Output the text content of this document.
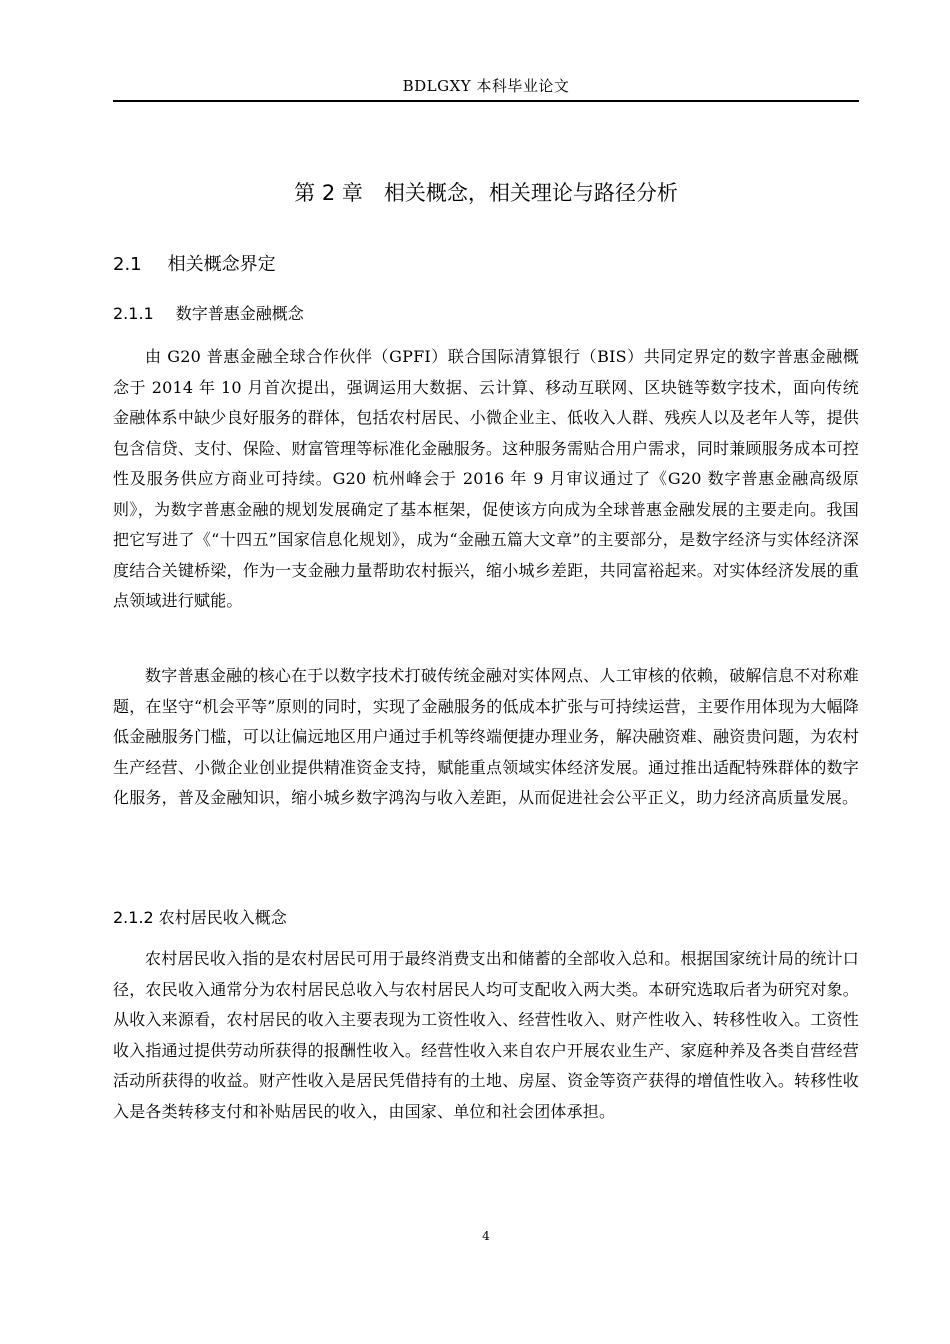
BDLGXY 本科毕业论文
第 2 章　相关概念，相关理论与路径分析
2.1 相关概念界定
2.1.1 数字普惠金融概念

由 G20 普惠金融全球合作伙伴（GPFI）联合国际清算银行（BIS）共同定界定的数字普惠金融概念于 2014 年 10 月首次提出，强调运用大数据、云计算、移动互联网、区块链等数字技术，面向传统金融体系中缺少良好服务的群体，包括农村居民、小微企业主、低收入人群、残疾人以及老年人等，提供包含信贷、支付、保险、财富管理等标准化金融服务。这种服务需贴合用户需求，同时兼顾服务成本可控性及服务供应方商业可持续。G20 杭州峰会于 2016 年 9 月审议通过了《G20 数字普惠金融高级原则》，为数字普惠金融的规划发展确定了基本框架，促使该方向成为全球普惠金融发展的主要走向。我国把它写进了《“十四五”国家信息化规划》，成为“金融五篇大文章”的主要部分，是数字经济与实体经济深度结合关键桥梁，作为一支金融力量帮助农村振兴，缩小城乡差距，共同富裕起来。对实体经济发展的重点领域进行赋能。

数字普惠金融的核心在于以数字技术打破传统金融对实体网点、人工审核的依赖，破解信息不对称难题，在坚守“机会平等”原则的同时，实现了金融服务的低成本扩张与可持续运营，主要作用体现为大幅降低金融服务门槛，可以让偏远地区用户通过手机等终端便捷办理业务，解决融资难、融资贵问题，为农村生产经营、小微企业创业提供精准资金支持，赋能重点领域实体经济发展。通过推出适配特殊群体的数字化服务，普及金融知识，缩小城乡数字鸿沟与收入差距，从而促进社会公平正义，助力经济高质量发展。

2.1.2 农村居民收入概念

农村居民收入指的是农村居民可用于最终消费支出和储蓄的全部收入总和。根据国家统计局的统计口径，农民收入通常分为农村居民总收入与农村居民人均可支配收入两大类。本研究选取后者为研究对象。从收入来源看，农村居民的收入主要表现为工资性收入、经营性收入、财产性收入、转移性收入。工资性收入指通过提供劳动所获得的报酬性收入。经营性收入来自农户开展农业生产、家庭种养及各类自营经营活动所获得的收益。财产性收入是居民凭借持有的土地、房屋、资金等资产获得的增值性收入。转移性收入是各类转移支付和补贴居民的收入，由国家、单位和社会团体承担。

4
